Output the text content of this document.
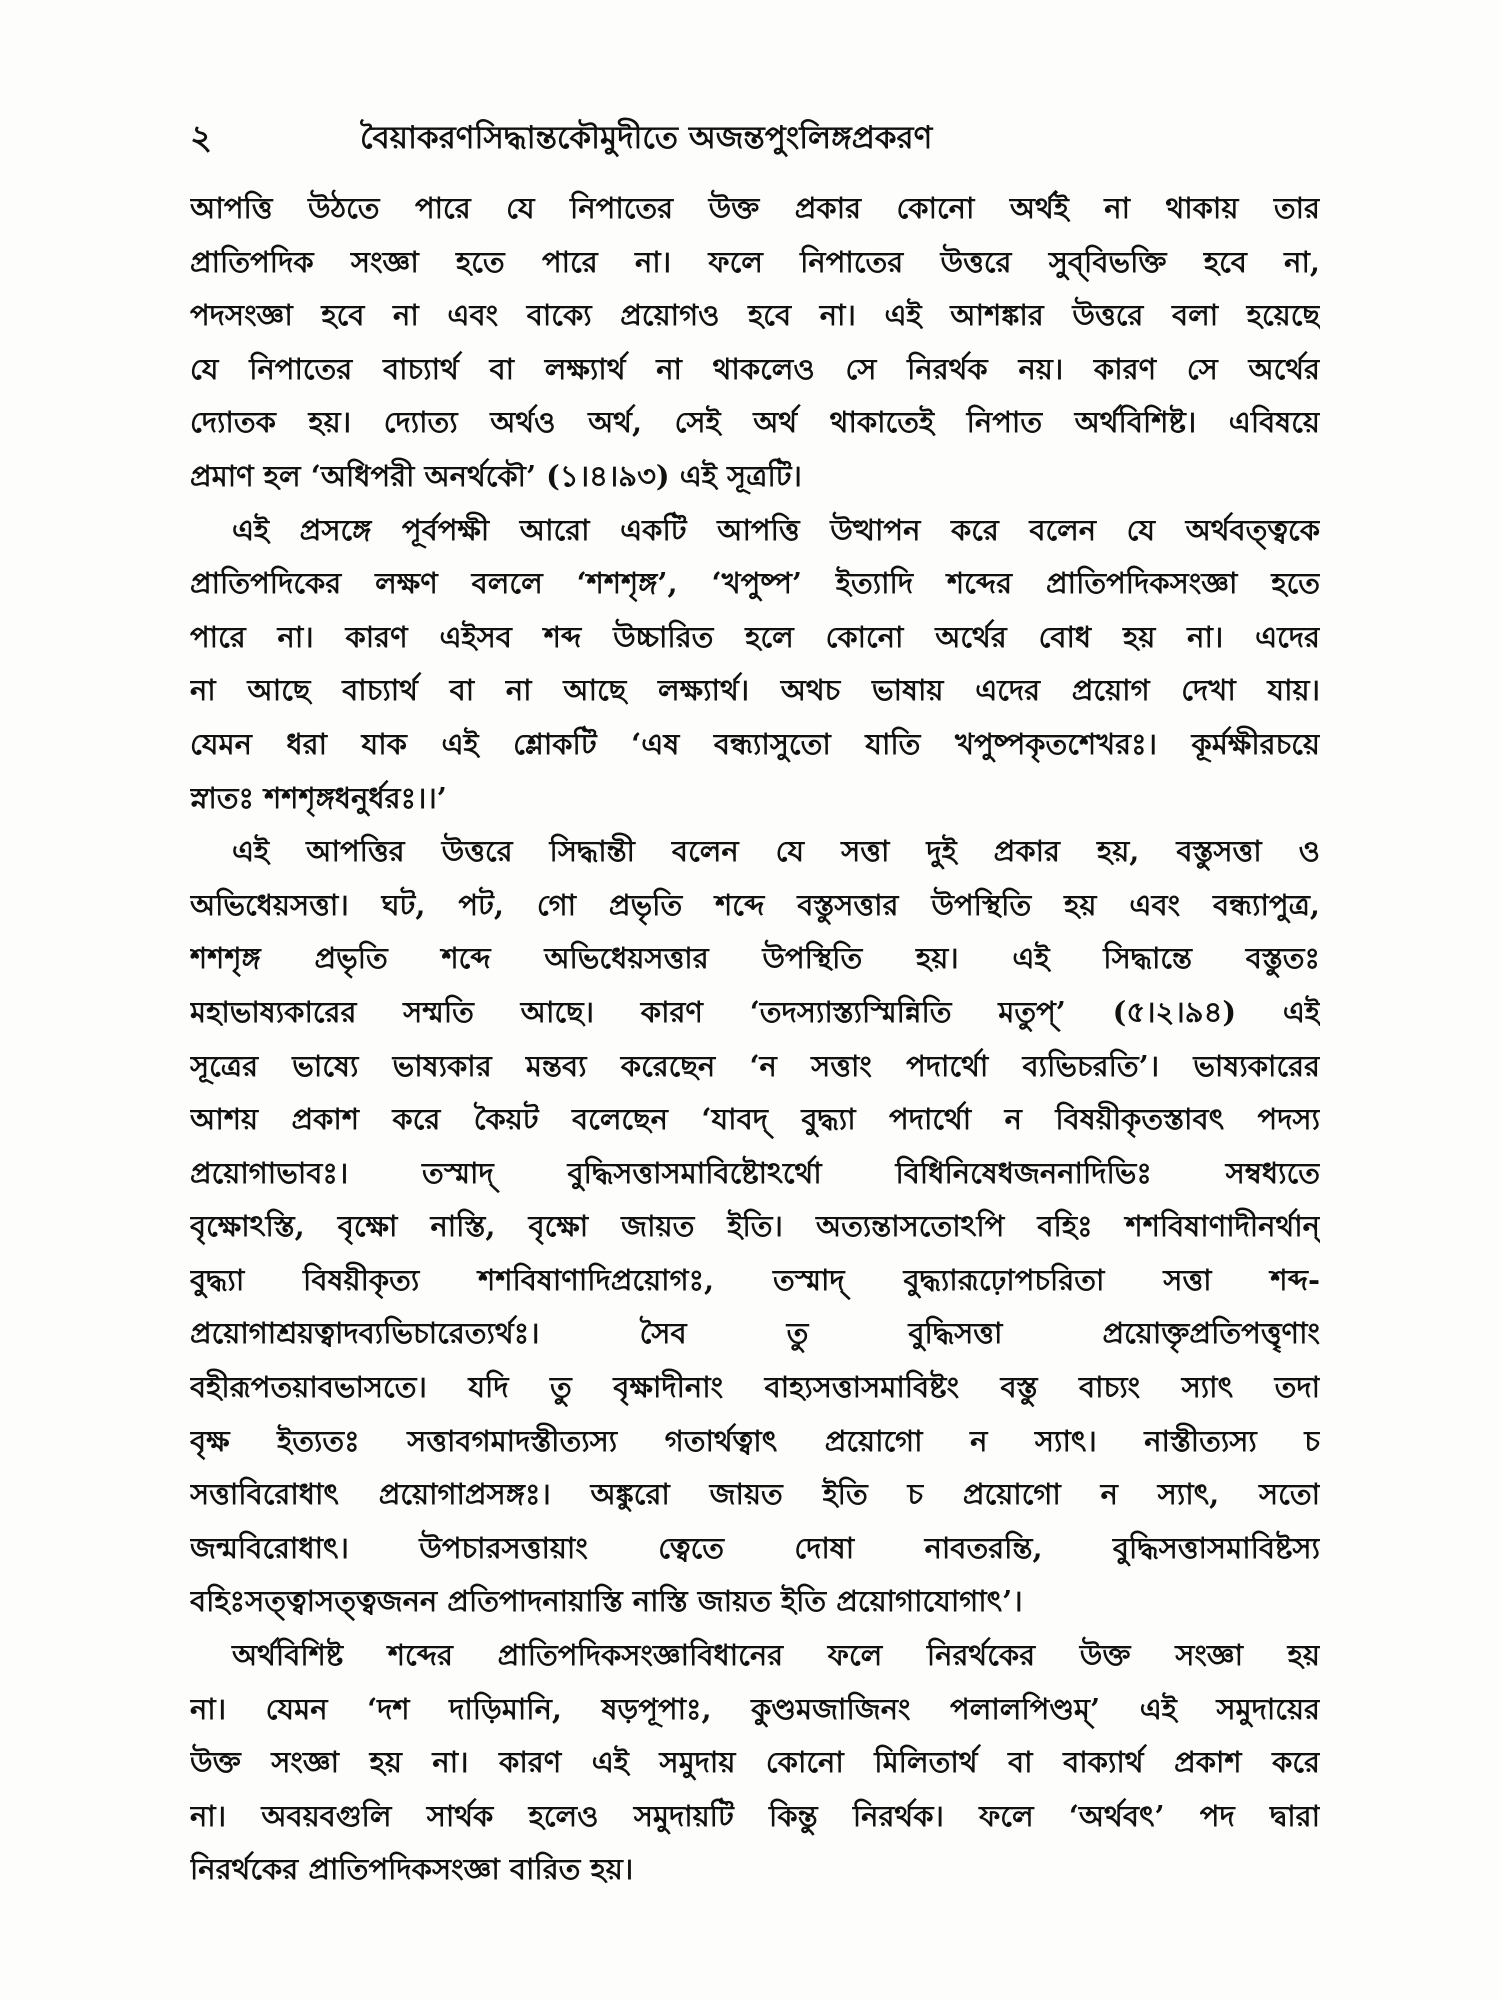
২	বৈয়াকরণসিদ্ধান্তকৌমুদীতে অজন্তপুংলিঙ্গপ্রকরণ
আপত্তি উঠতে পারে যে নিপাতের উক্ত প্রকার কোনো অর্থই না থাকায় তার
প্রাতিপদিক সংজ্ঞা হতে পারে না। ফলে নিপাতের উত্তরে সুব্‌বিভক্তি হবে না,
পদসংজ্ঞা হবে না এবং বাক্যে প্রয়োগও হবে না। এই আশঙ্কার উত্তরে বলা হয়েছে
যে নিপাতের বাচ্যার্থ বা লক্ষ্যার্থ না থাকলেও সে নিরর্থক নয়। কারণ সে অর্থের
দ্যোতক হয়। দ্যোত্য অর্থও অর্থ, সেই অর্থ থাকাতেই নিপাত অর্থবিশিষ্ট। এবিষয়ে
প্রমাণ হল ‘অধিপরী অনর্থকৌ’ (১।৪।৯৩) এই সূত্রটি।
এই প্রসঙ্গে পূর্বপক্ষী আরো একটি আপত্তি উত্থাপন করে বলেন যে অর্থবত্ত্বকে
প্রাতিপদিকের লক্ষণ বললে ‘শশশৃঙ্গ’, ‘খপুষ্প’ ইত্যাদি শব্দের প্রাতিপদিকসংজ্ঞা হতে
পারে না। কারণ এইসব শব্দ উচ্চারিত হলে কোনো অর্থের বোধ হয় না। এদের
না আছে বাচ্যার্থ বা না আছে লক্ষ্যার্থ। অথচ ভাষায় এদের প্রয়োগ দেখা যায়।
যেমন ধরা যাক এই শ্লোকটি ‘এষ বন্ধ্যাসুতো যাতি খপুষ্পকৃতশেখরঃ। কূর্মক্ষীরচয়ে
স্নাতঃ শশশৃঙ্গধনুর্ধরঃ।।’
এই আপত্তির উত্তরে সিদ্ধান্তী বলেন যে সত্তা দুই প্রকার হয়, বস্তুসত্তা ও
অভিধেয়সত্তা। ঘট, পট, গো প্রভৃতি শব্দে বস্তুসত্তার উপস্থিতি হয় এবং বন্ধ্যাপুত্র,
শশশৃঙ্গ প্রভৃতি শব্দে অভিধেয়সত্তার উপস্থিতি হয়। এই সিদ্ধান্তে বস্তুতঃ
মহাভাষ্যকারের সম্মতি আছে। কারণ ‘তদস্যাস্ত্যস্মিন্নিতি মতুপ্’ (৫।২।৯৪) এই
সূত্রের ভাষ্যে ভাষ্যকার মন্তব্য করেছেন ‘ন সত্তাং পদার্থো ব্যভিচরতি’। ভাষ্যকারের
আশয় প্রকাশ করে কৈয়ট বলেছেন ‘যাবদ্ বুদ্ধ্যা পদার্থো ন বিষয়ীকৃতস্তাবৎ পদস্য
প্রয়োগাভাবঃ। তস্মাদ্ বুদ্ধিসত্তাসমাবিষ্টোঽর্থো বিধিনিষেধজননাদিভিঃ সম্বধ্যতে
বৃক্ষোঽস্তি, বৃক্ষো নাস্তি, বৃক্ষো জায়ত ইতি। অত্যন্তাসতোঽপি বহিঃ শশবিষাণাদীনর্থান্
বুদ্ধ্যা বিষয়ীকৃত্য শশবিষাণাদিপ্রয়োগঃ, তস্মাদ্ বুদ্ধ্যারূঢ়োপচরিতা সত্তা শব্দ-
প্রয়োগাশ্রয়ত্বাদব্যভিচারেত্যর্থঃ। সৈব তু বুদ্ধিসত্তা প্রয়োক্তৃপ্রতিপত্তৄণাং
বহীরূপতয়াবভাসতে। যদি তু বৃক্ষাদীনাং বাহ্যসত্তাসমাবিষ্টং বস্তু বাচ্যং স্যাৎ তদা
বৃক্ষ ইত্যতঃ সত্তাবগমাদস্তীত্যস্য গতার্থত্বাৎ প্রয়োগো ন স্যাৎ। নাস্তীত্যস্য চ
সত্তাবিরোধাৎ প্রয়োগাপ্রসঙ্গঃ। অঙ্কুরো জায়ত ইতি চ প্রয়োগো ন স্যাৎ, সতো
জন্মবিরোধাৎ। উপচারসত্তায়াং ত্বেতে দোষা নাবতরন্তি, বুদ্ধিসত্তাসমাবিষ্টস্য
বহিঃসত্ত্বাসত্ত্বজনন প্রতিপাদনায়াস্তি নাস্তি জায়ত ইতি প্রয়োগাযোগাৎ’।
অর্থবিশিষ্ট শব্দের প্রাতিপদিকসংজ্ঞাবিধানের ফলে নিরর্থকের উক্ত সংজ্ঞা হয়
না। যেমন ‘দশ দাড়িমানি, ষড়পূপাঃ, কুণ্ডমজাজিনং পলালপিণ্ডম্’ এই সমুদায়ের
উক্ত সংজ্ঞা হয় না। কারণ এই সমুদায় কোনো মিলিতার্থ বা বাক্যার্থ প্রকাশ করে
না। অবয়বগুলি সার্থক হলেও সমুদায়টি কিন্তু নিরর্থক। ফলে ‘অর্থবৎ’ পদ দ্বারা
নিরর্থকের প্রাতিপদিকসংজ্ঞা বারিত হয়।
